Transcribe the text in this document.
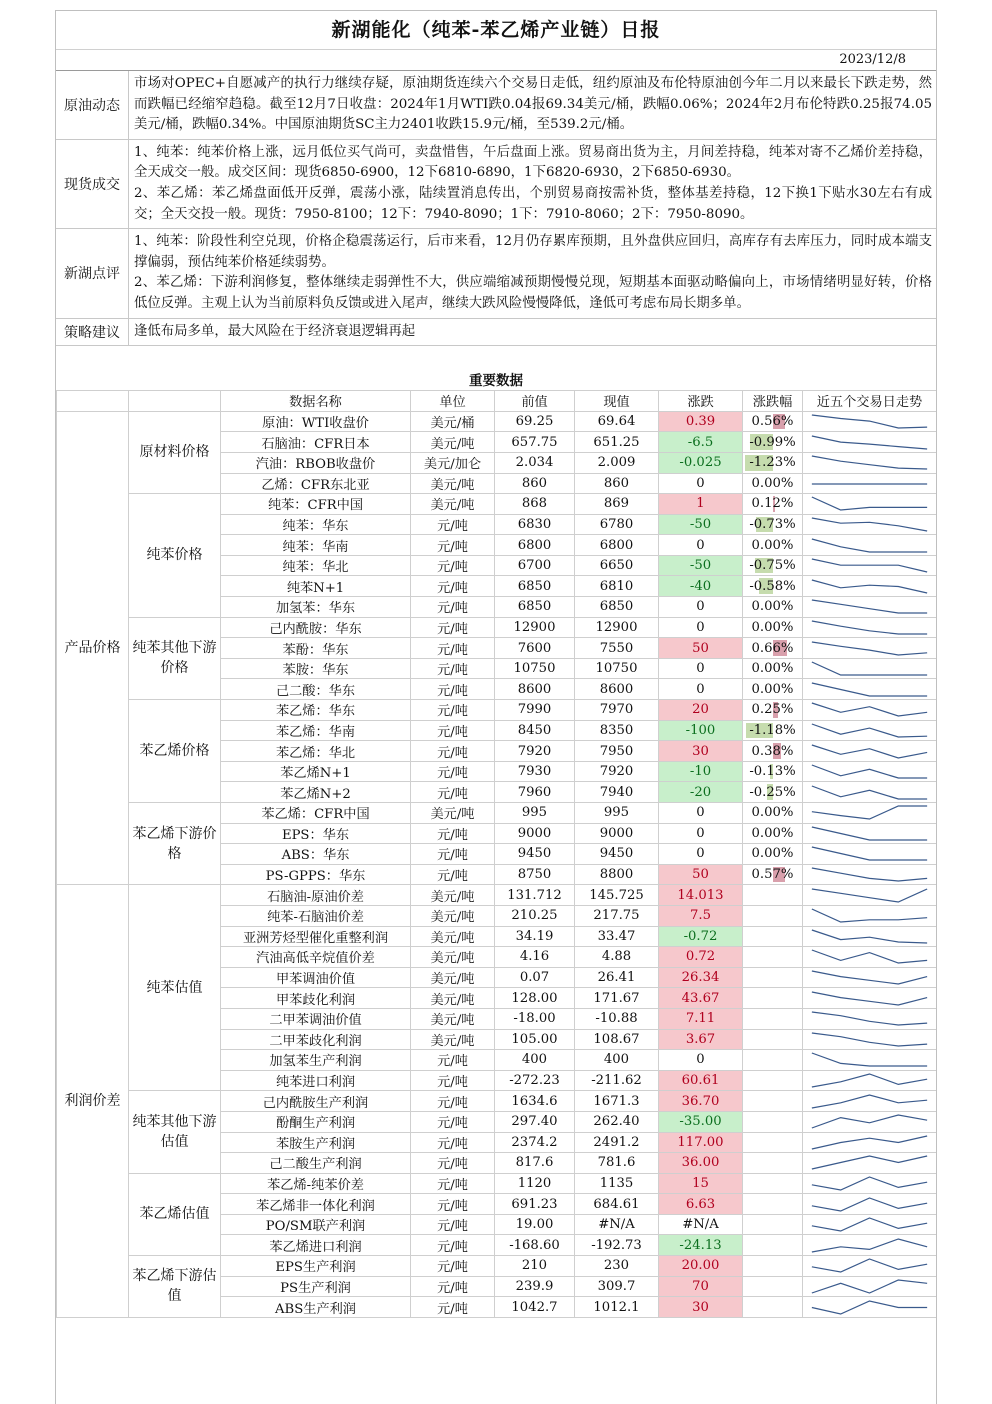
新湖能化（纯苯-苯乙烯产业链）日报
2023/12/8
原油动态

市场对OPEC+自愿减产的执行力继续存疑，原油期货连续六个交易日走低，纽约原油及布伦特原油创今年二月以来最长下跌走势，然而跌幅已经缩窄趋稳。截至12月7日收盘：2024年1月WTI跌0.04报69.34美元/桶，跌幅0.06%；2024年2月布伦特跌0.25报74.05美元/桶，跌幅0.34%。中国原油期货SC主力2401收跌15.9元/桶，至539.2元/桶。

现货成交

1、纯苯：纯苯价格上涨，远月低位买气尚可，卖盘惜售，午后盘面上涨。贸易商出货为主，月间差持稳，纯苯对寄不乙烯价差持稳，全天成交一般。成交区间：现货6850-6900，12下6810-6890，1下6820-6930，2下6850-6930。

2、苯乙烯：苯乙烯盘面低开反弹，震荡小涨，陆续置消息传出，个别贸易商按需补货，整体基差持稳，12下换1下贴水30左右有成交；全天交投一般。现货：7950-8100；12下：7940-8090；1下：7910-8060；2下：7950-8090。

新湖点评

1、纯苯：阶段性利空兑现，价格企稳震荡运行，后市来看，12月仍存累库预期，且外盘供应回归，高库存有去库压力，同时成本端支撑偏弱，预估纯苯价格延续弱势。

2、苯乙烯：下游利润修复，整体继续走弱弹性不大，供应端缩减预期慢慢兑现，短期基本面驱动略偏向上，市场情绪明显好转，价格低位反弹。主观上认为当前原料负反馈或进入尾声，继续大跌风险慢慢降低，逢低可考虑布局长期多单。

策略建议	逢低布局多单，最大风险在于经济衰退逻辑再起

重要数据
		数据名称	单位	前值	现值	涨跌	涨跌幅	近五个交易日走势
产品价格	原材料价格	原油：WTI收盘价	美元/桶	69.25	69.64	0.39	0.56%	

		石脑油：CFR日本	美元/吨	657.75	651.25	-6.5	-0.99%	

		汽油：RBOB收盘价	美元/加仑	2.034	2.009	-0.025	-1.23%	

		乙烯：CFR东北亚	美元/吨	860	860	0	0.00%	

	纯苯价格	纯苯：CFR中国	美元/吨	868	869	1	0.12%	

		纯苯：华东	元/吨	6830	6780	-50	-0.73%	

		纯苯：华南	元/吨	6800	6800	0	0.00%	

		纯苯：华北	元/吨	6700	6650	-50	-0.75%	

		纯苯N+1	元/吨	6850	6810	-40	-0.58%	

		加氢苯：华东	元/吨	6850	6850	0	0.00%	

	纯苯其他下游价格	己内酰胺：华东	元/吨	12900	12900	0	0.00%	

		苯酚：华东	元/吨	7600	7550	50	0.66%	

		苯胺：华东	元/吨	10750	10750	0	0.00%	

		己二酸：华东	元/吨	8600	8600	0	0.00%	

	苯乙烯价格	苯乙烯：华东	元/吨	7990	7970	20	0.25%	

		苯乙烯：华南	元/吨	8450	8350	-100	-1.18%	

		苯乙烯：华北	元/吨	7920	7950	30	0.38%	

		苯乙烯N+1	元/吨	7930	7920	-10	-0.13%	

		苯乙烯N+2	元/吨	7960	7940	-20	-0.25%	

	苯乙烯下游价格	苯乙烯：CFR中国	美元/吨	995	995	0	0.00%	

		EPS：华东	元/吨	9000	9000	0	0.00%	

		ABS：华东	元/吨	9450	9450	0	0.00%	

		PS-GPPS：华东	元/吨	8750	8800	50	0.57%	

利润价差	纯苯估值	石脑油-原油价差	美元/吨	131.712	145.725	14.013		

		纯苯-石脑油价差	美元/吨	210.25	217.75	7.5		

		亚洲芳烃型催化重整利润	美元/吨	34.19	33.47	-0.72		

		汽油高低辛烷值价差	美元/吨	4.16	4.88	0.72		

		甲苯调油价值	美元/吨	0.07	26.41	26.34		

		甲苯歧化利润	美元/吨	128.00	171.67	43.67		

		二甲苯调油价值	美元/吨	-18.00	-10.88	7.11		

		二甲苯歧化利润	美元/吨	105.00	108.67	3.67		

		加氢苯生产利润	元/吨	400	400	0		

		纯苯进口利润	元/吨	-272.23	-211.62	60.61		

	纯苯其他下游估值	己内酰胺生产利润	元/吨	1634.6	1671.3	36.70		

		酚酮生产利润	元/吨	297.40	262.40	-35.00		

		苯胺生产利润	元/吨	2374.2	2491.2	117.00		

		己二酸生产利润	元/吨	817.6	781.6	36.00		

	苯乙烯估值	苯乙烯-纯苯价差	元/吨	1120	1135	15		

		苯乙烯非一体化利润	元/吨	691.23	684.61	6.63		

		PO/SM联产利润	元/吨	19.00	#N/A	#N/A		

		苯乙烯进口利润	元/吨	-168.60	-192.73	-24.13		

	苯乙烯下游估值	EPS生产利润	元/吨	210	230	20.00		

		PS生产利润	元/吨	239.9	309.7	70		

		ABS生产利润	元/吨	1042.7	1012.1	30		
